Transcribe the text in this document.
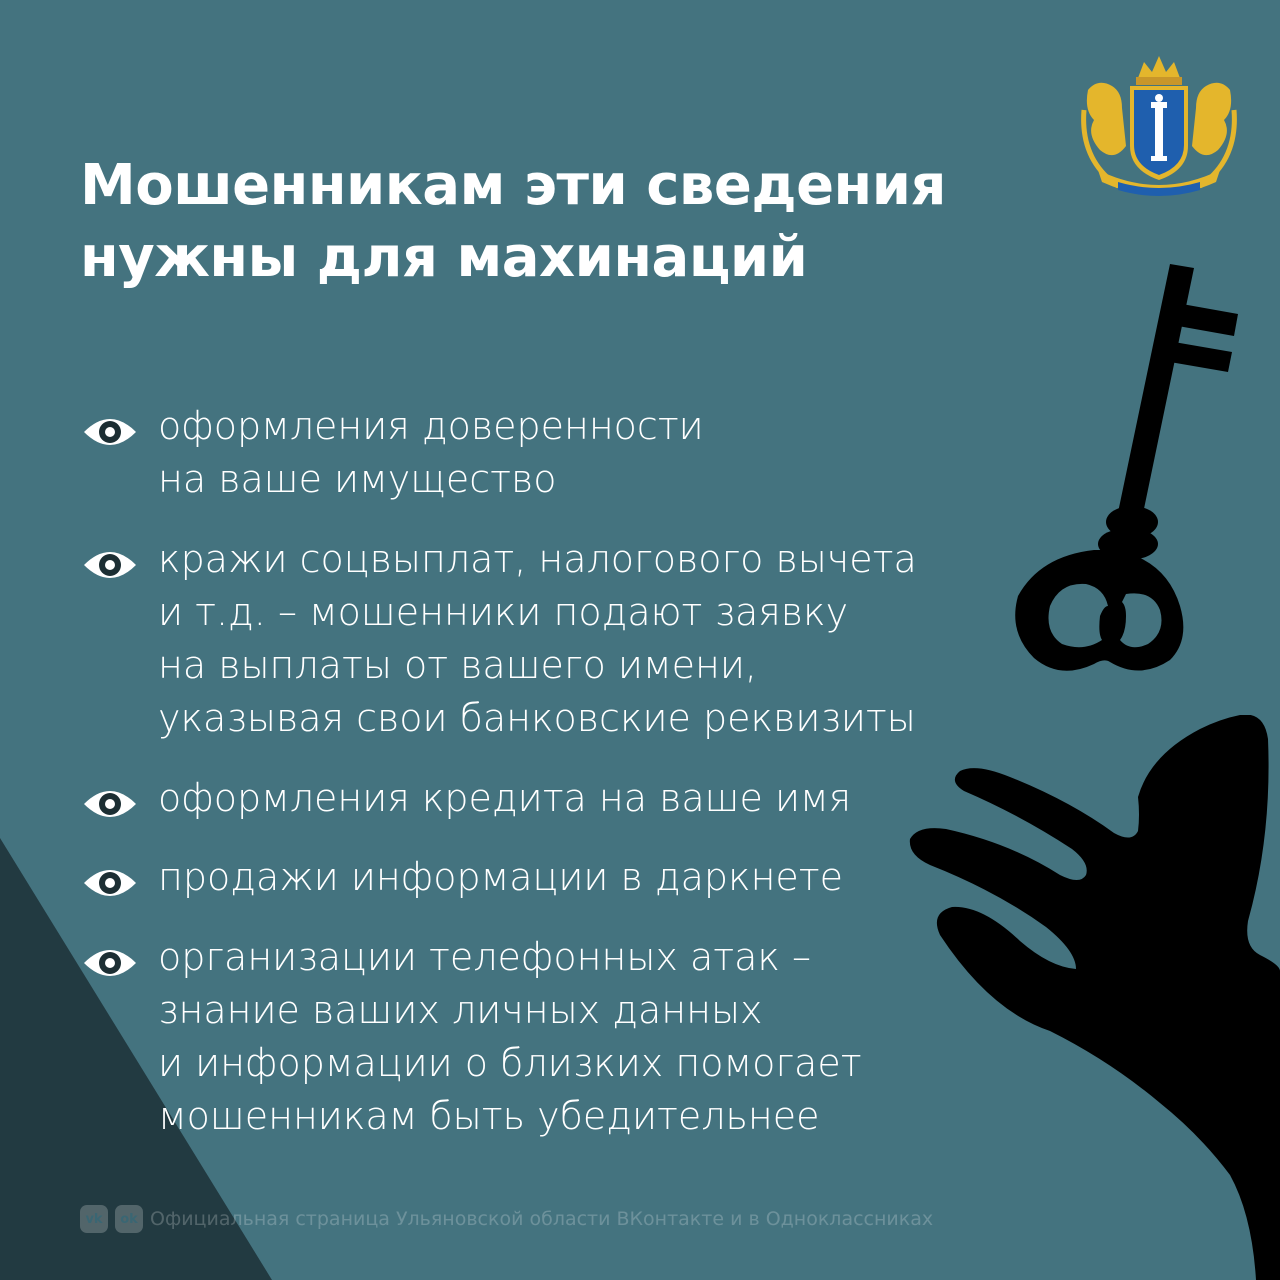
Мошенникам эти сведения
нужны для махинаций
оформления доверенности
на ваше имущество
кражи соцвыплат, налогового вычета
и т.д. – мошенники подают заявку
на выплаты от вашего имени,
указывая свои банковские реквизиты
оформления кредита на ваше имя
продажи информации в даркнете
организации телефонных атак –
знание ваших личных данных
и информации о близких помогает
мошенникам быть убедительнее
vk	ok Официальная страница Ульяновской области ВКонтакте и в Одноклассниках
